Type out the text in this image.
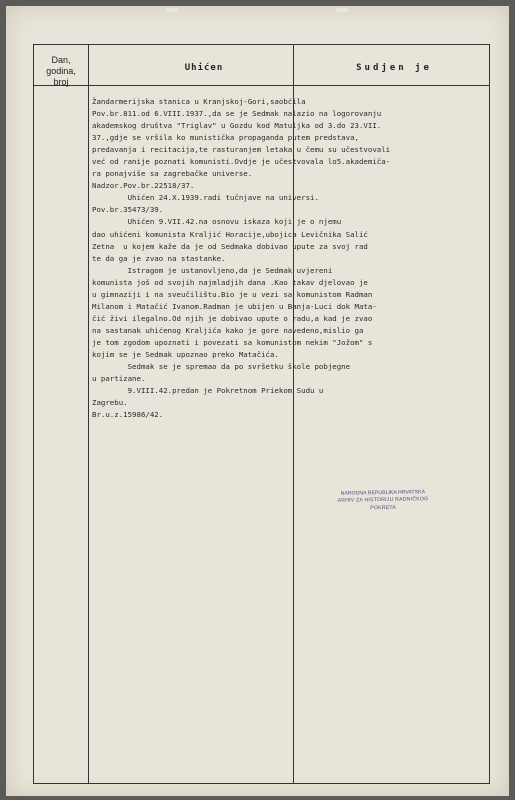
Dan, godina,
broj
Uhićen	Sudjen je
Žandarmerijska stanica u Kranjskoj-Gori,saobćila
Pov.br.811.od 6.VIII.1937.,da se je Sedmak nalazio na logorovanju
akademskog društva "Triglav" u Gozdu kod Matuljka od 3.do 23.VII.
37.,gdje se vršila ko munistička propaganda putem predstava,
predavanja i recitacija,te rasturanjem letaka u čemu su učestvovali
već od ranije poznati komunisti.Ovdje je učestvovala lo5.akademiča-
ra ponajviše sa zagrebačke universe.
Nadzor.Pov.br.22518/37.
Uhićen 24.X.1939.radi tučnjave na universi.
Pov.br.35473/39.
Uhićen 9.VII.42.na osnovu iskaza koji je o njemu
dao uhićeni komunista Kraljić Horacije,ubojica Levičnika Salić
Zetna  u kojem kaže da je od Sedmaka dobivao upute za svoj rad
te da ga je zvao na stastanke.
Istragom je ustanovljeno,da je Sedmak uvjereni
komunista još od svojih najmladjih dana .Kao takav djelovao je
u gimnaziji i na sveučilištu.Bio je u vezi sa komunistom Radman
Milanom i Matačić Ivanom.Radman je ubijen u Banja-Luci dok Mata-
čić živi ilegalno.Od njih je dobivao upute o radu,a kad je zvao
na sastanak uhićenog Kraljića kako je gore navedeno,mislio ga
je tom zgodom upoznati i povezati sa komunistom nekim "Jožom" s
kojim se je Sedmak upoznao preko Matačića.
Sedmak se je spremao da po svršetku škole pobjegne
u partizane.
9.VIII.42.predan je Pokretnom Priekom Sudu u
Zagrebu.
Br.u.z.15986/42.
NARODNA REPUBLIKA HRVATSKA
ARHIV ZA HISTORIJU RADNIČKOG POKRETA
